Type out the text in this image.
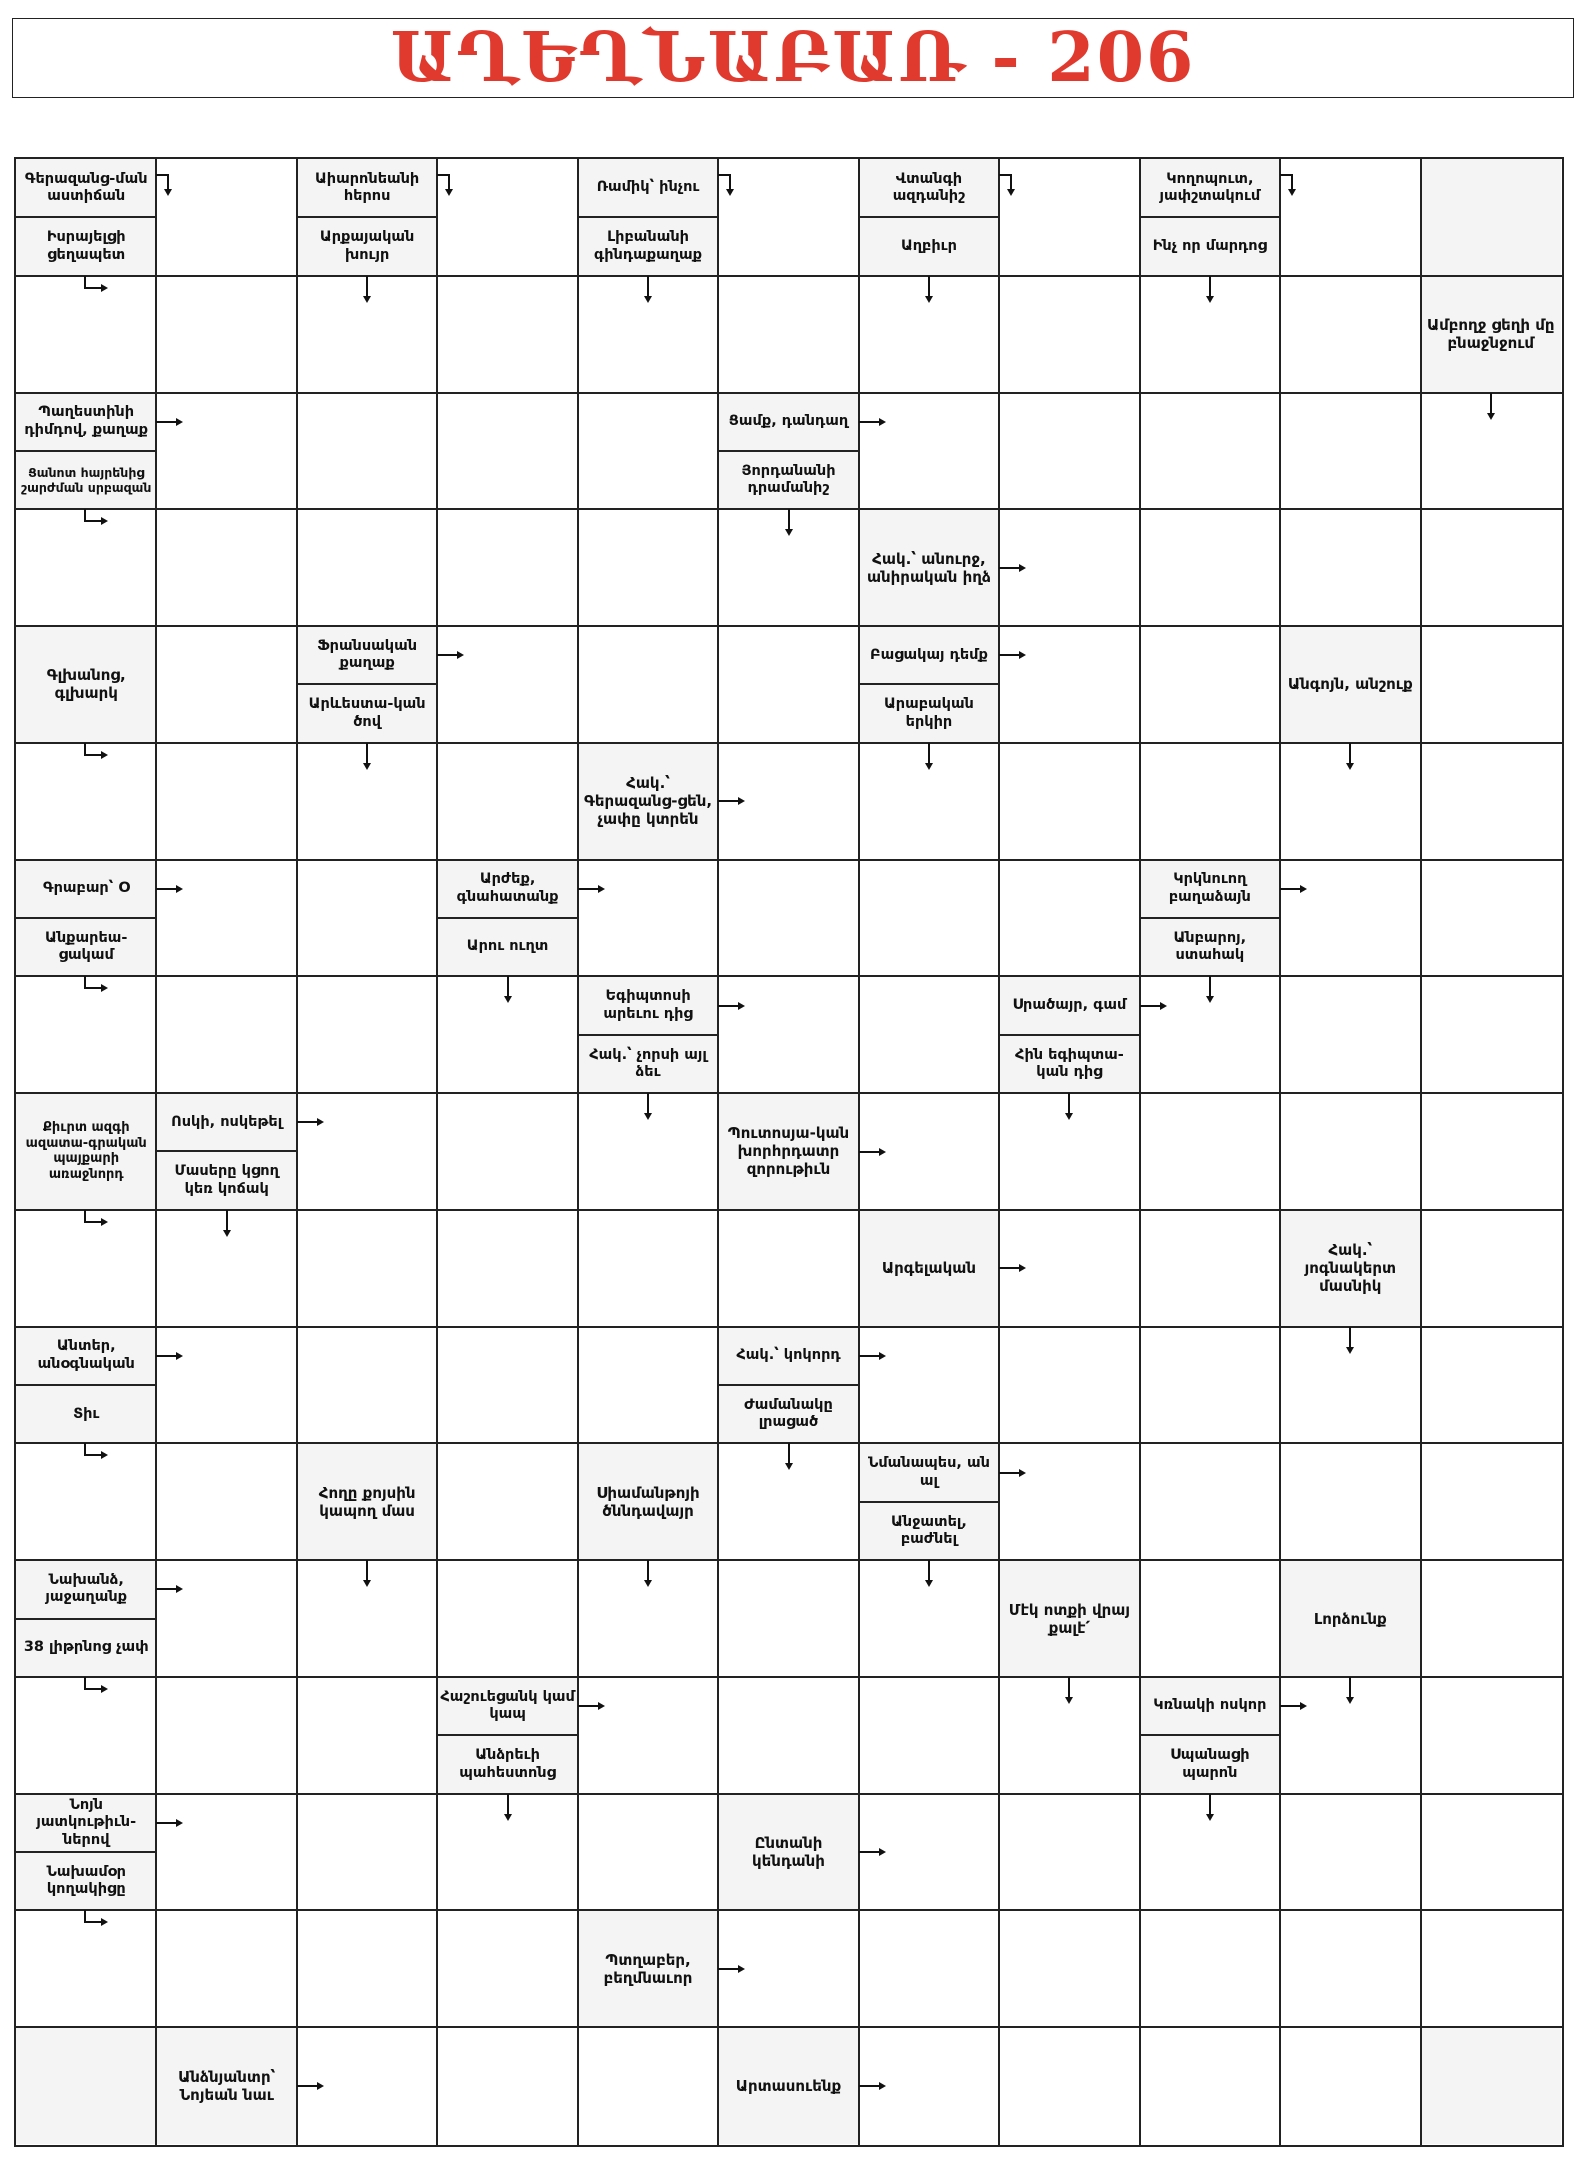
ԱՂԵՂՆԱԲԱՌ - 206
Գերազանց-ման աստիճան
Իսրայելցի ցեղապետ
Աիարոնեանի հերոս
Արքայական խույր
Ռամիկ՝ ինչու
Լիբանանի գինդաքաղաք
Վտանգի ազդանիշ
Աղբիւր
Կողոպուտ, յափշտակում
Ինչ որ մարդոց
Ամբողջ ցեղի մը բնաջնջում
Պաղեստինի դիմդով, քաղաք
Ցանոտ հայրենից շարժման սրբազան
Ցամք, դանդաղ
Յորդանանի դրամանիշ
Հակ.՝ անուրջ, անիրական իղձ
Գլխանոց, գլխարկ
Ֆրանսական քաղաք
Արևեստա-կան ծով
Բացակայ դեմք
Արաբական երկիր
Անգոյն, անշուք
Հակ.՝ Գերազանց-ցեն, չափը կտրեն
Գրաբար՝ Օ
Անքարեա-ցակամ
Արժեք, գնահատանք
Արու ուղտ
Կրկնուող բաղաձայն
Անբարոյ, ստահակ
Եգիպտոսի արեւու դից
Հակ.՝ չորսի այլ ձեւ
Սրածայր, գամ
Հին եգիպտա-կան դից
Քիւրտ ազգի ազատա-գրական պայքարի առաջնորդ
Ոսկի, ոսկեթել
Մասերը կցող կեռ կոճակ
Պուտոսյա-կան խորհրդատր զորութիւն
Արգելական
Հակ.՝ յոգնակերտ մասնիկ
Անտեր, անօգնական
Տիւ
Հակ.՝ կոկորդ
Ժամանակը լրացած
Հողը քոյսին կապող մաս
Սիամանթոյի ծննդավայր
Նմանապես, ան ալ
Անջատել, բաժնել
Նախանձ, յաջաղանք
38 լիթրնոց չափ
Մէկ ոտքի վրայ քալէ՛	Լորձունք
Հաշուեցանկ կամ կապ
Անձրեւի պահեստոնց
Կռնակի ոսկոր
Սպանացի պարոն
Նոյն յատկութիւն-ներով
Նախամօր կողակիցը
Ընտանի կենդանի
Պտղաբեր, բեղմնաւոր
Անձնյանտր՝ Նոյեան նաւ	Արտասուենք
